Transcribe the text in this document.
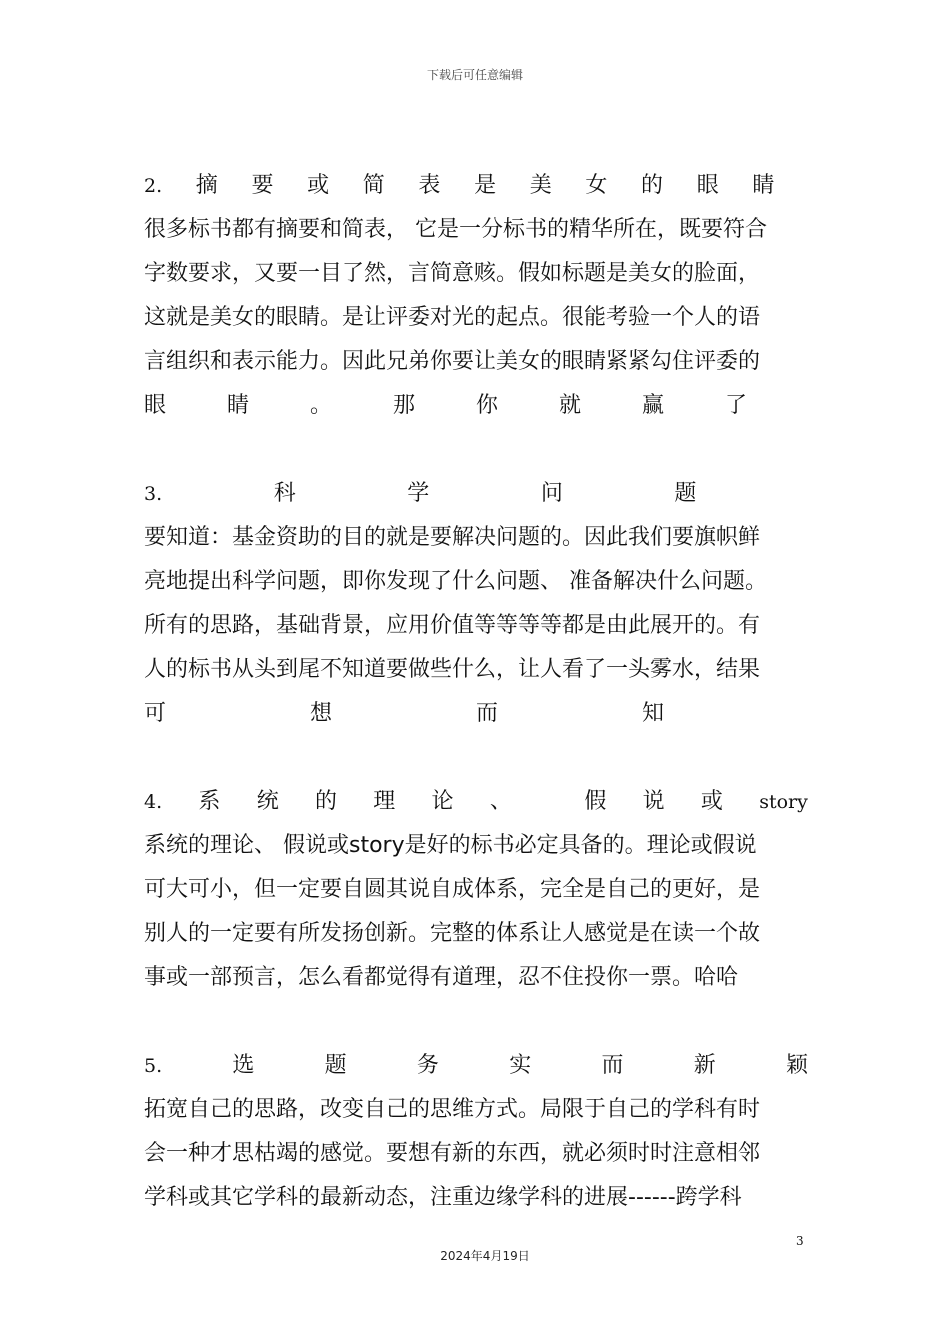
下载后可任意编辑
2. 摘 要 或 简 表 是 美 女 的 眼 睛
很多标书都有摘要和简表， 它是一分标书的精华所在，既要符合
字数要求，又要一目了然，言简意赅。假如标题是美女的脸面，
这就是美女的眼睛。是让评委对光的起点。很能考验一个人的语
言组织和表示能力。因此兄弟你要让美女的眼睛紧紧勾住评委的
眼	睛	。	那	你	就	赢	了
3.	科	学	问	题
要知道：基金资助的目的就是要解决问题的。因此我们要旗帜鲜
亮地提出科学问题，即你发现了什么问题、 准备解决什么问题。
所有的思路，基础背景，应用价值等等等等都是由此展开的。有
人的标书从头到尾不知道要做些什么，让人看了一头雾水，结果
可	想	而	知
4. 系 统 的 理 论 、	假 说 或 story
系统的理论、 假说或story是好的标书必定具备的。理论或假说
可大可小，但一定要自圆其说自成体系，完全是自己的更好，是
别人的一定要有所发扬创新。完整的体系让人感觉是在读一个故
事或一部预言，怎么看都觉得有道理，忍不住投你一票。哈哈
5.	选	题	务	实	而	新	颖
拓宽自己的思路，改变自己的思维方式。局限于自己的学科有时
会一种才思枯竭的感觉。要想有新的东西，就必须时时注意相邻
学科或其它学科的最新动态，注重边缘学科的进展------跨学科
3
2024年4月19日
